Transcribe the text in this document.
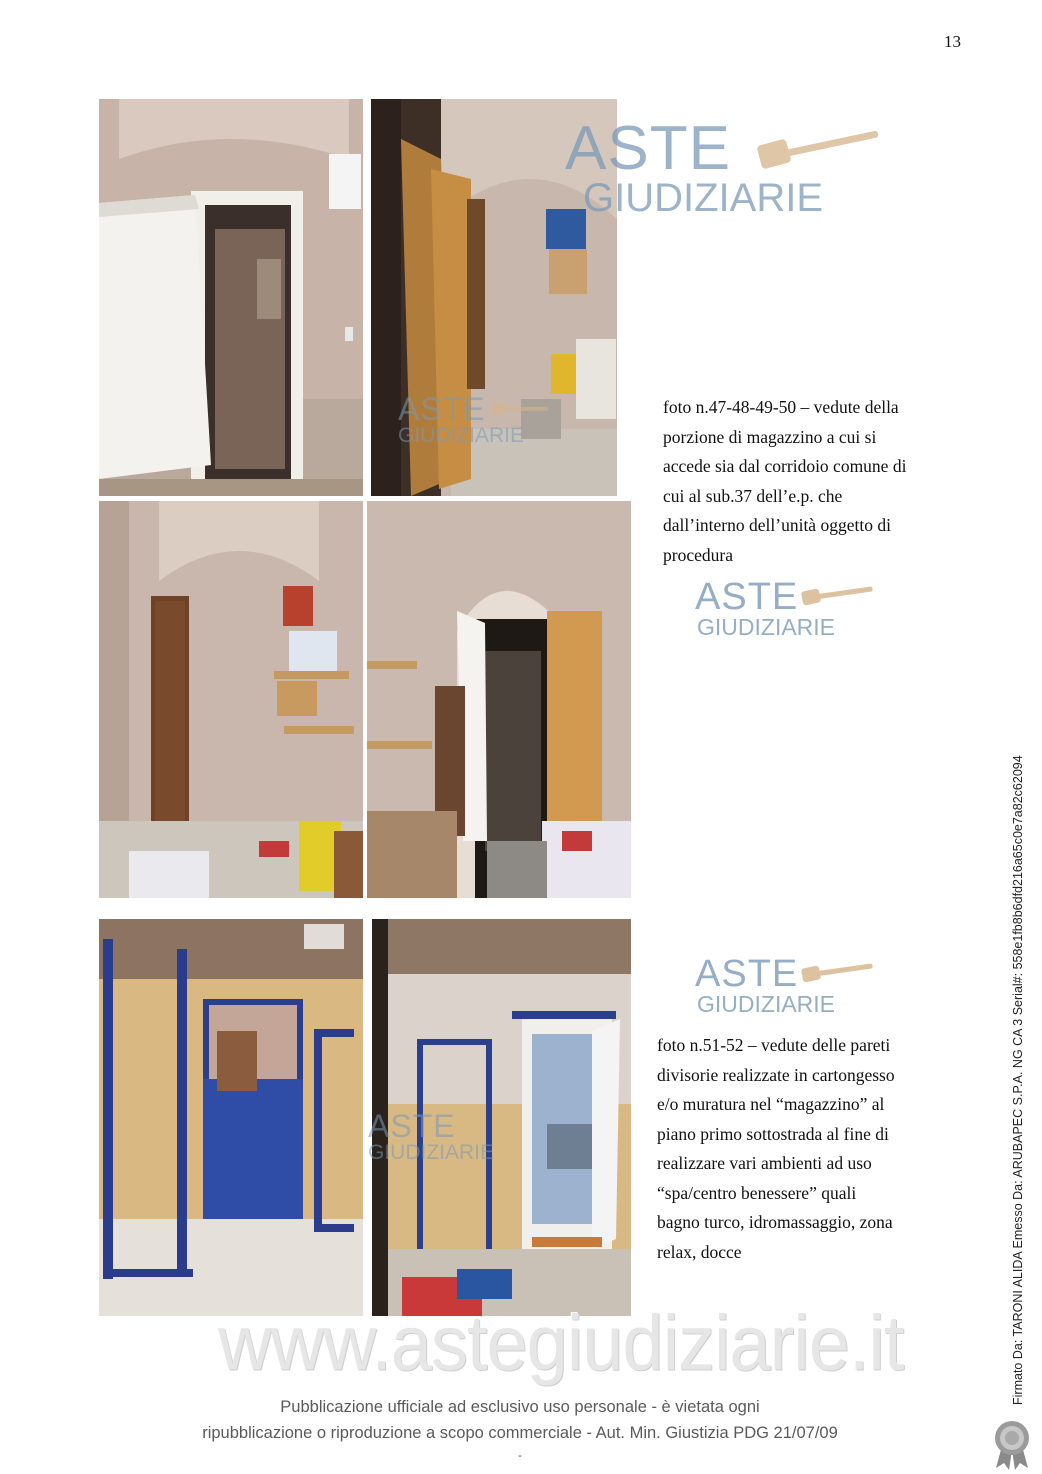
13
foto n.47-48-49-50 – vedute della
porzione di magazzino a cui si
accede sia dal corridoio comune di
cui al sub.37 dell’e.p. che
dall’interno dell’unità oggetto di
procedura
foto n.51-52 – vedute delle pareti
divisorie realizzate in cartongesso
e/o muratura nel “magazzino” al
piano primo sottostrada al fine di
realizzare vari ambienti ad uso
“spa/centro benessere” quali
bagno turco, idromassaggio, zona
relax, docce
ASTE
GIUDIZIARIE
ASTE
GIUDIZIARIE
ASTE
GIUDIZIARIE
ASTE
GIUDIZIARIE
ASTE
GIUDIZIARIE
www.astegiudiziarie.it
Pubblicazione ufficiale ad esclusivo uso personale - è vietata ogni
ripubblicazione o riproduzione a scopo commerciale - Aut. Min. Giustizia PDG 21/07/09
-
Firmato Da: TARONI ALIDA Emesso Da: ARUBAPEC S.P.A. NG CA 3 Serial#: 558e1fb8b6dfd216a65c0e7a82c62094
